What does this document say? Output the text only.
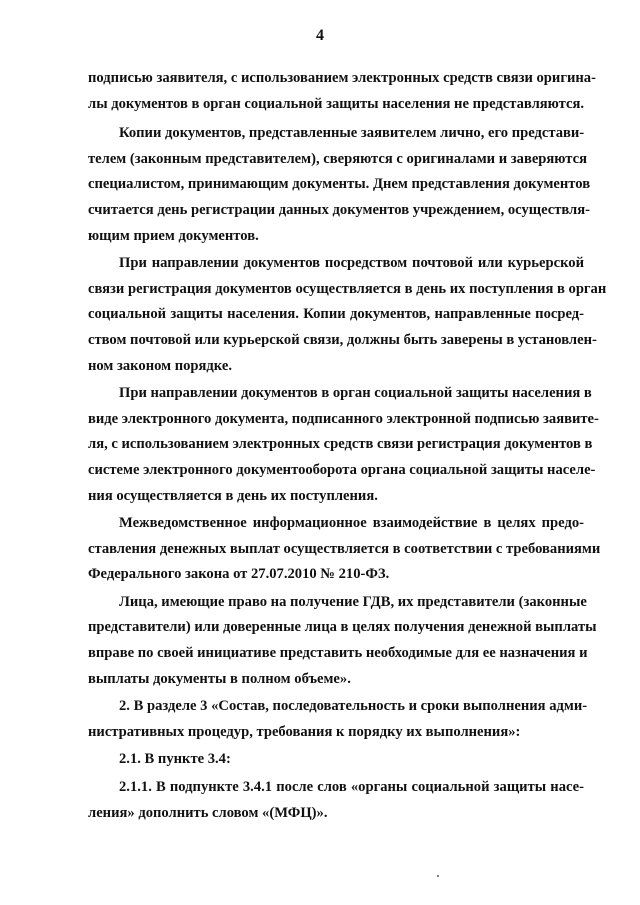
4
подписью заявителя, с использованием электронных средств связи оригина-
лы документов в орган социальной защиты населения не представляются.
Копии документов, представленные заявителем лично, его представи-
телем (законным представителем), сверяются с оригиналами и заверяются
специалистом, принимающим документы. Днем представления документов
считается день регистрации данных документов учреждением, осуществля-
ющим прием документов.
При направлении документов посредством почтовой или курьерской
связи регистрация документов осуществляется в день их поступления в орган
социальной защиты населения. Копии документов, направленные посред-
ством почтовой или курьерской связи, должны быть заверены в установлен-
ном законом порядке.
При направлении документов в орган социальной защиты населения в
виде электронного документа, подписанного электронной подписью заявите-
ля, с использованием электронных средств связи регистрация документов в
системе электронного документооборота органа социальной защиты населе-
ния осуществляется в день их поступления.
Межведомственное информационное взаимодействие в целях предо-
ставления денежных выплат осуществляется в соответствии с требованиями
Федерального закона от 27.07.2010 № 210-ФЗ.
Лица, имеющие право на получение ГДВ, их представители (законные
представители) или доверенные лица в целях получения денежной выплаты
вправе по своей инициативе представить необходимые для ее назначения и
выплаты документы в полном объеме».
2. В разделе 3 «Состав, последовательность и сроки выполнения адми-
нистративных процедур, требования к порядку их выполнения»:
2.1. В пункте 3.4:
2.1.1. В подпункте 3.4.1 после слов «органы социальной защиты насе-
ления» дополнить словом «(МФЦ)».
